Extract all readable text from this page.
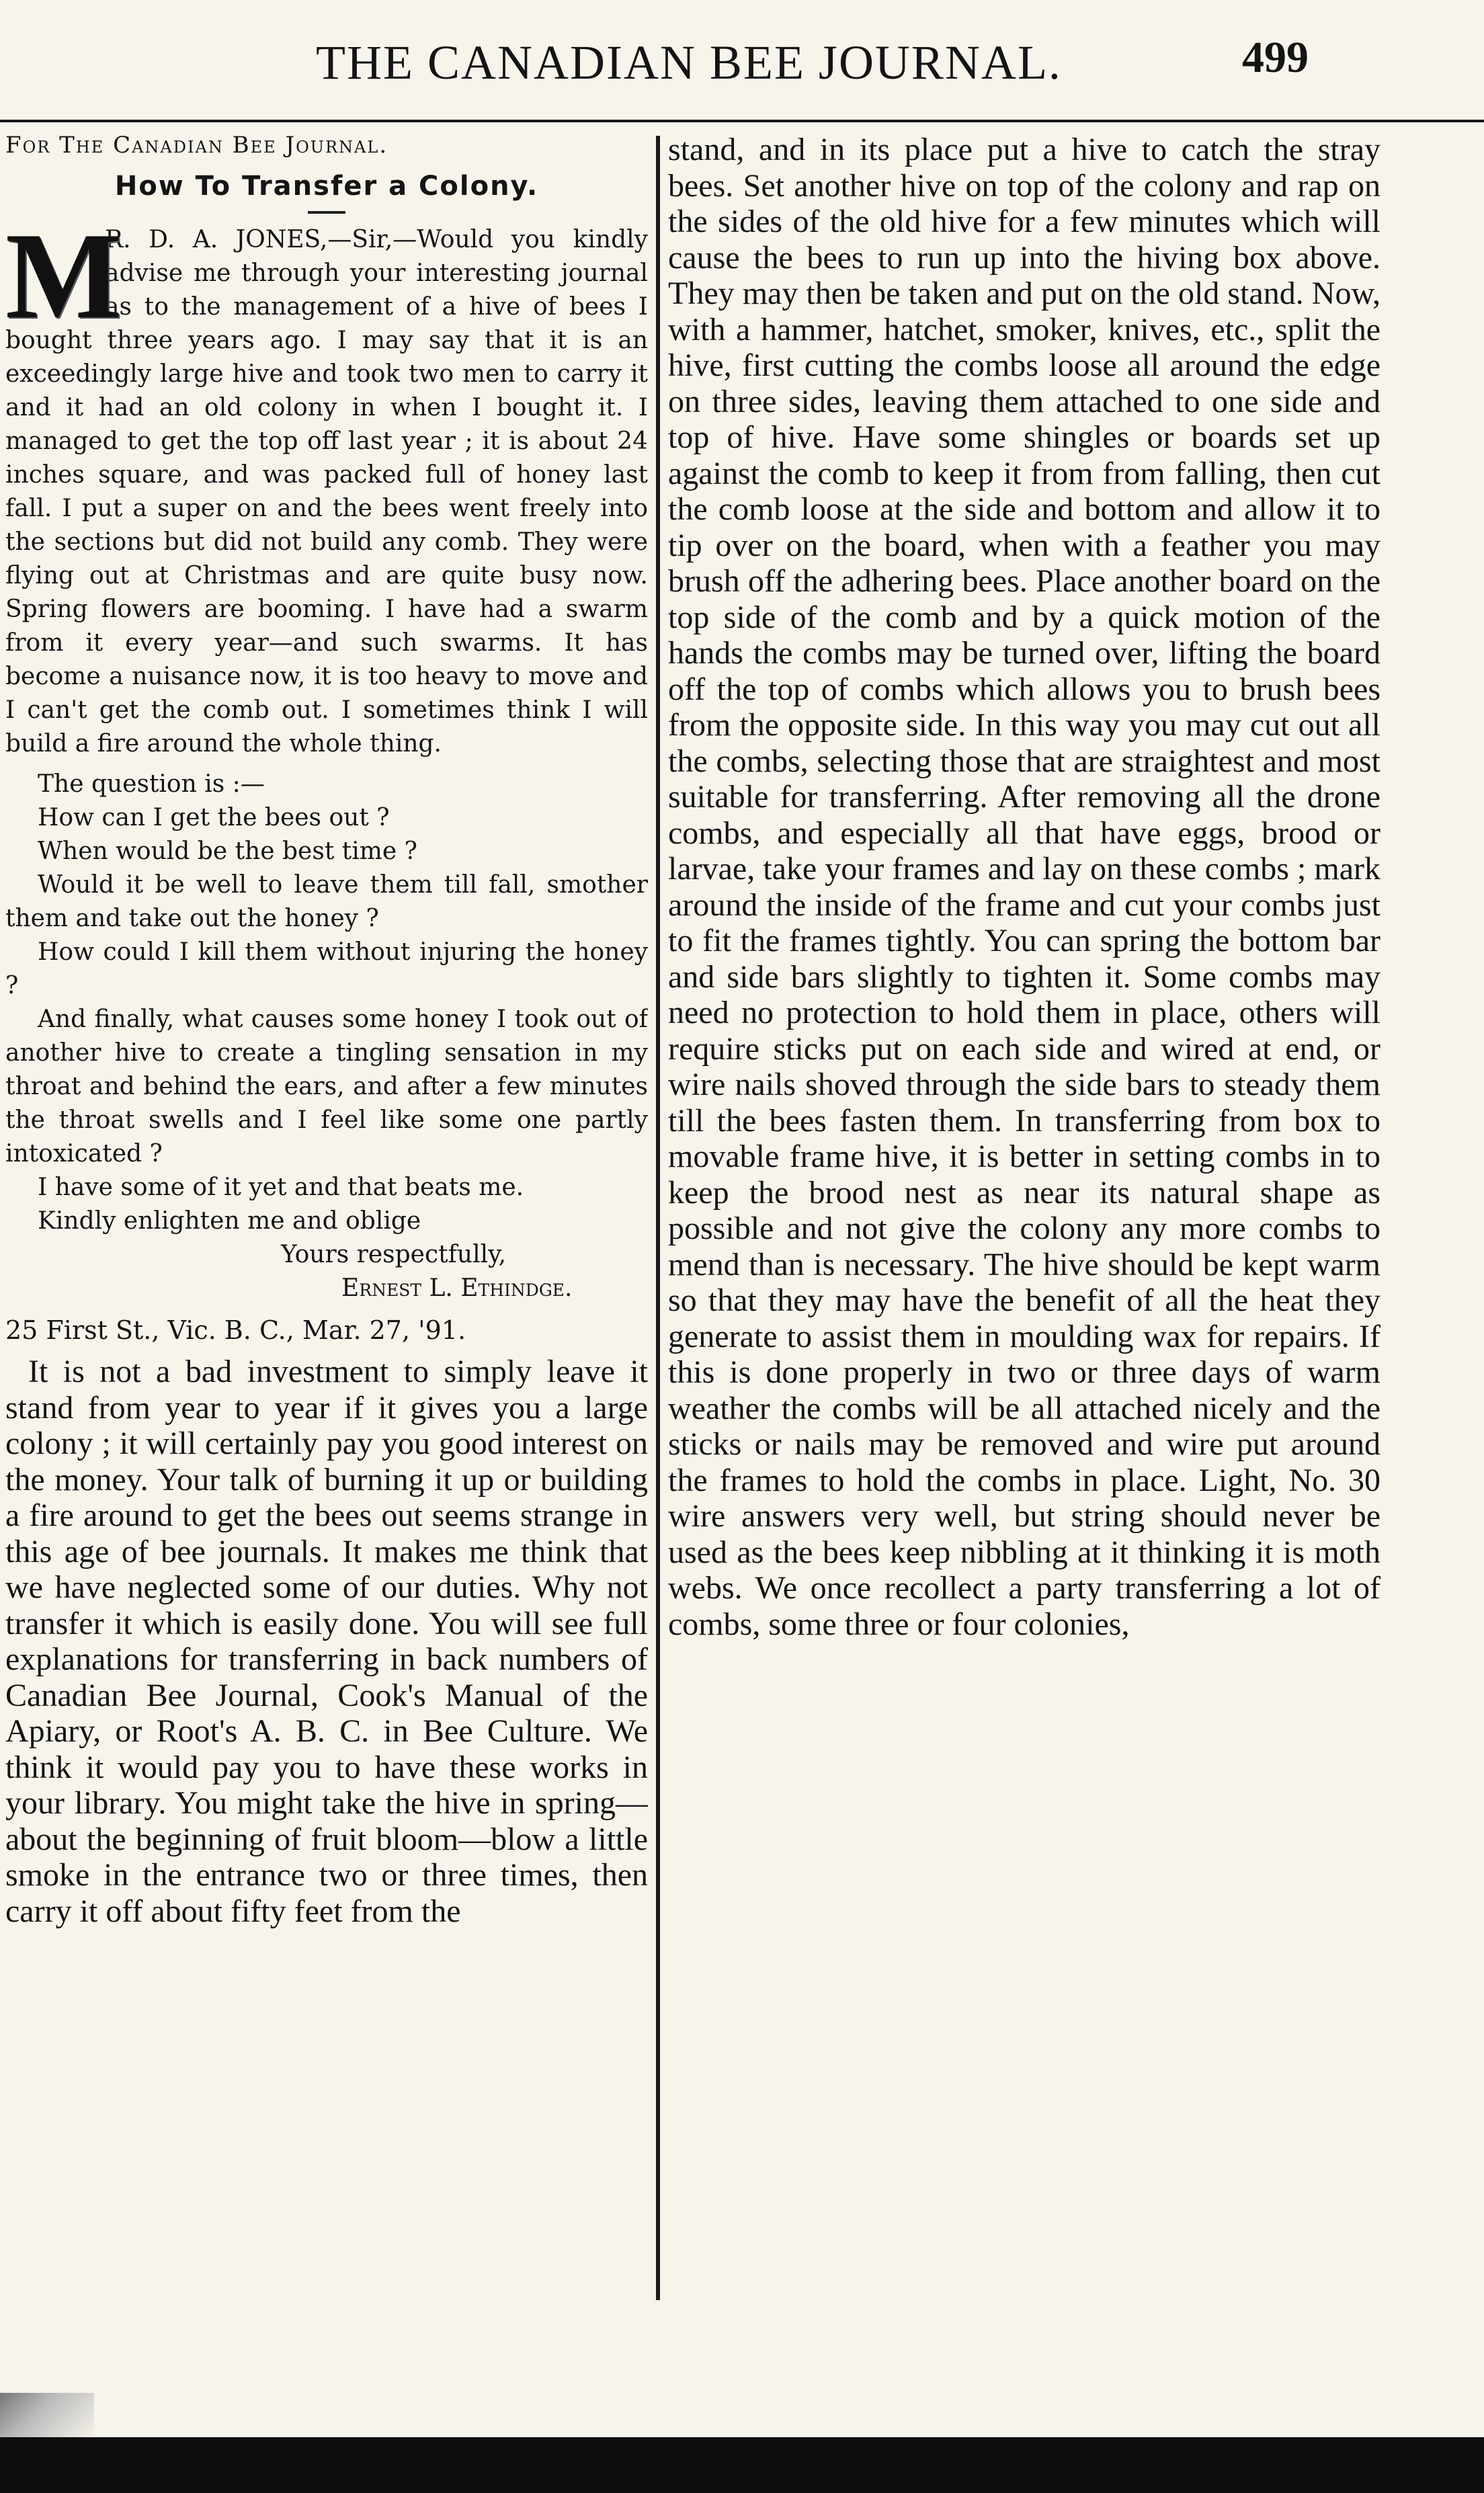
THE CANADIAN BEE JOURNAL.	499
For The Canadian Bee Journal.
How To Transfer a Colony.
M

R. D. A. JONES,—Sir,—Would you kindly advise me through your interesting journal as to the management of a hive of bees I bought three years ago. I may say that it is an exceedingly large hive and took two men to carry it and it had an old colony in when I bought it. I managed to get the top off last year ; it is about 24 inches square, and was packed full of honey last fall. I put a super on and the bees went freely into the sections but did not build any comb. They were flying out at Christmas and are quite busy now. Spring flowers are booming. I have had a swarm from it every year—and such swarms. It has become a nuisance now, it is too heavy to move and I can't get the comb out. I sometimes think I will build a fire around the whole thing.

The question is :—

How can I get the bees out ?

When would be the best time ?

Would it be well to leave them till fall, smother them and take out the honey ?

How could I kill them without injuring the honey ?

And finally, what causes some honey I took out of another hive to create a tingling sensation in my throat and behind the ears, and after a few minutes the throat swells and I feel like some one partly intoxicated ?

I have some of it yet and that beats me.

Kindly enlighten me and oblige

Yours respectfully,

Ernest L. Ethindge.

25 First St., Vic. B. C., Mar. 27, '91.

It is not a bad investment to simply leave it stand from year to year if it gives you a large colony ; it will certainly pay you good interest on the money. Your talk of burning it up or building a fire around to get the bees out seems strange in this age of bee journals. It makes me think that we have neglected some of our duties. Why not transfer it which is easily done. You will see full explanations for transferring in back numbers of Canadian Bee Journal, Cook's Manual of the Apiary, or Root's A. B. C. in Bee Culture. We think it would pay you to have these works in your library. You might take the hive in spring—about the beginning of fruit bloom—blow a little smoke in the entrance two or three times, then carry it off about fifty feet from the

stand, and in its place put a hive to catch the stray bees. Set another hive on top of the colony and rap on the sides of the old hive for a few minutes which will cause the bees to run up into the hiving box above. They may then be taken and put on the old stand. Now, with a hammer, hatchet, smoker, knives, etc., split the hive, first cutting the combs loose all around the edge on three sides, leaving them attached to one side and top of hive. Have some shingles or boards set up against the comb to keep it from from falling, then cut the comb loose at the side and bottom and allow it to tip over on the board, when with a feather you may brush off the adhering bees. Place another board on the top side of the comb and by a quick motion of the hands the combs may be turned over, lifting the board off the top of combs which allows you to brush bees from the opposite side. In this way you may cut out all the combs, selecting those that are straightest and most suitable for transferring. After removing all the drone combs, and especially all that have eggs, brood or larvae, take your frames and lay on these combs ; mark around the inside of the frame and cut your combs just to fit the frames tightly. You can spring the bottom bar and side bars slightly to tighten it. Some combs may need no protection to hold them in place, others will require sticks put on each side and wired at end, or wire nails shoved through the side bars to steady them till the bees fasten them. In transferring from box to movable frame hive, it is better in setting combs in to keep the brood nest as near its natural shape as possible and not give the colony any more combs to mend than is necessary. The hive should be kept warm so that they may have the benefit of all the heat they generate to assist them in moulding wax for repairs. If this is done properly in two or three days of warm weather the combs will be all attached nicely and the sticks or nails may be removed and wire put around the frames to hold the combs in place. Light, No. 30 wire answers very well, but string should never be used as the bees keep nibbling at it thinking it is moth webs. We once recollect a party transferring a lot of combs, some three or four colonies,
